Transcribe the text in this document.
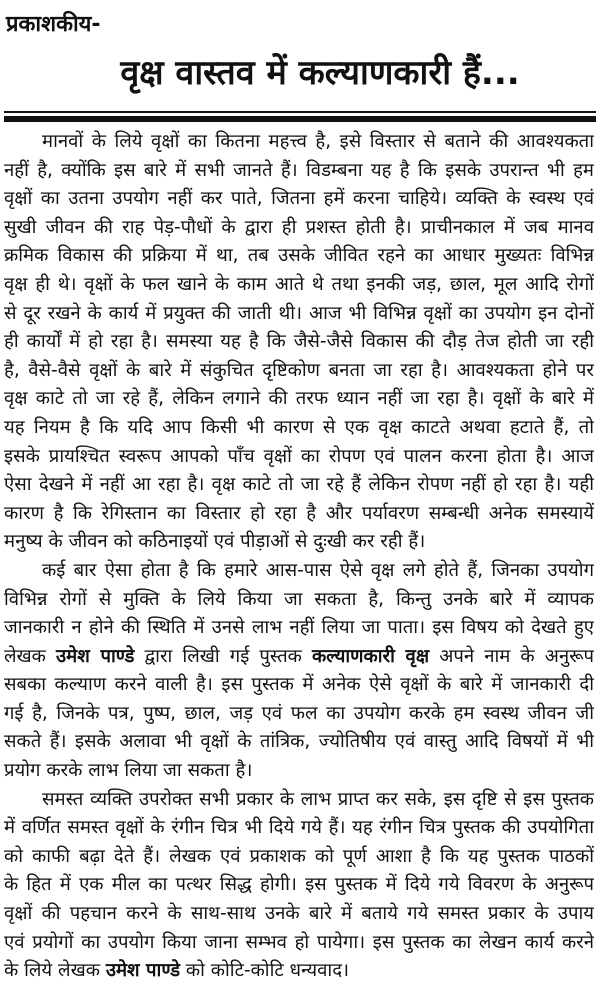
प्रकाशकीय-
वृक्ष वास्तव में कल्याणकारी हैं...
मानवों के लिये वृक्षों का कितना महत्त्व है, इसे विस्तार से बताने की आवश्यकता
नहीं है, क्योंकि इस बारे में सभी जानते हैं। विडम्बना यह है कि इसके उपरान्त भी हम
वृक्षों का उतना उपयोग नहीं कर पाते, जितना हमें करना चाहिये। व्यक्ति के स्वस्थ एवं
सुखी जीवन की राह पेड़-पौधों के द्वारा ही प्रशस्त होती है। प्राचीनकाल में जब मानव
क्रमिक विकास की प्रक्रिया में था, तब उसके जीवित रहने का आधार मुख्यतः विभिन्न
वृक्ष ही थे। वृक्षों के फल खाने के काम आते थे तथा इनकी जड़, छाल, मूल आदि रोगों
से दूर रखने के कार्य में प्रयुक्त की जाती थी। आज भी विभिन्न वृक्षों का उपयोग इन दोनों
ही कार्यों में हो रहा है। समस्या यह है कि जैसे-जैसे विकास की दौड़ तेज होती जा रही
है, वैसे-वैसे वृक्षों के बारे में संकुचित दृष्टिकोण बनता जा रहा है। आवश्यकता होने पर
वृक्ष काटे तो जा रहे हैं, लेकिन लगाने की तरफ ध्यान नहीं जा रहा है। वृक्षों के बारे में
यह नियम है कि यदि आप किसी भी कारण से एक वृक्ष काटते अथवा हटाते हैं, तो
इसके प्रायश्चित स्वरूप आपको पाँच वृक्षों का रोपण एवं पालन करना होता है। आज
ऐसा देखने में नहीं आ रहा है। वृक्ष काटे तो जा रहे हैं लेकिन रोपण नहीं हो रहा है। यही
कारण है कि रेगिस्तान का विस्तार हो रहा है और पर्यावरण सम्बन्धी अनेक समस्यायें
मनुष्य के जीवन को कठिनाइयों एवं पीड़ाओं से दुःखी कर रही हैं।
कई बार ऐसा होता है कि हमारे आस-पास ऐसे वृक्ष लगे होते हैं, जिनका उपयोग
विभिन्न रोगों से मुक्ति के लिये किया जा सकता है, किन्तु उनके बारे में व्यापक
जानकारी न होने की स्थिति में उनसे लाभ नहीं लिया जा पाता। इस विषय को देखते हुए
लेखक उमेश पाण्डे द्वारा लिखी गई पुस्तक कल्याणकारी वृक्ष अपने नाम के अनुरूप
सबका कल्याण करने वाली है। इस पुस्तक में अनेक ऐसे वृक्षों के बारे में जानकारी दी
गई है, जिनके पत्र, पुष्प, छाल, जड़ एवं फल का उपयोग करके हम स्वस्थ जीवन जी
सकते हैं। इसके अलावा भी वृक्षों के तांत्रिक, ज्योतिषीय एवं वास्तु आदि विषयों में भी
प्रयोग करके लाभ लिया जा सकता है।
समस्त व्यक्ति उपरोक्त सभी प्रकार के लाभ प्राप्त कर सके, इस दृष्टि से इस पुस्तक
में वर्णित समस्त वृक्षों के रंगीन चित्र भी दिये गये हैं। यह रंगीन चित्र पुस्तक की उपयोगिता
को काफी बढ़ा देते हैं। लेखक एवं प्रकाशक को पूर्ण आशा है कि यह पुस्तक पाठकों
के हित में एक मील का पत्थर सिद्ध होगी। इस पुस्तक में दिये गये विवरण के अनुरूप
वृक्षों की पहचान करने के साथ-साथ उनके बारे में बताये गये समस्त प्रकार के उपाय
एवं प्रयोगों का उपयोग किया जाना सम्भव हो पायेगा। इस पुस्तक का लेखन कार्य करने
के लिये लेखक उमेश पाण्डे को कोटि-कोटि धन्यवाद।
